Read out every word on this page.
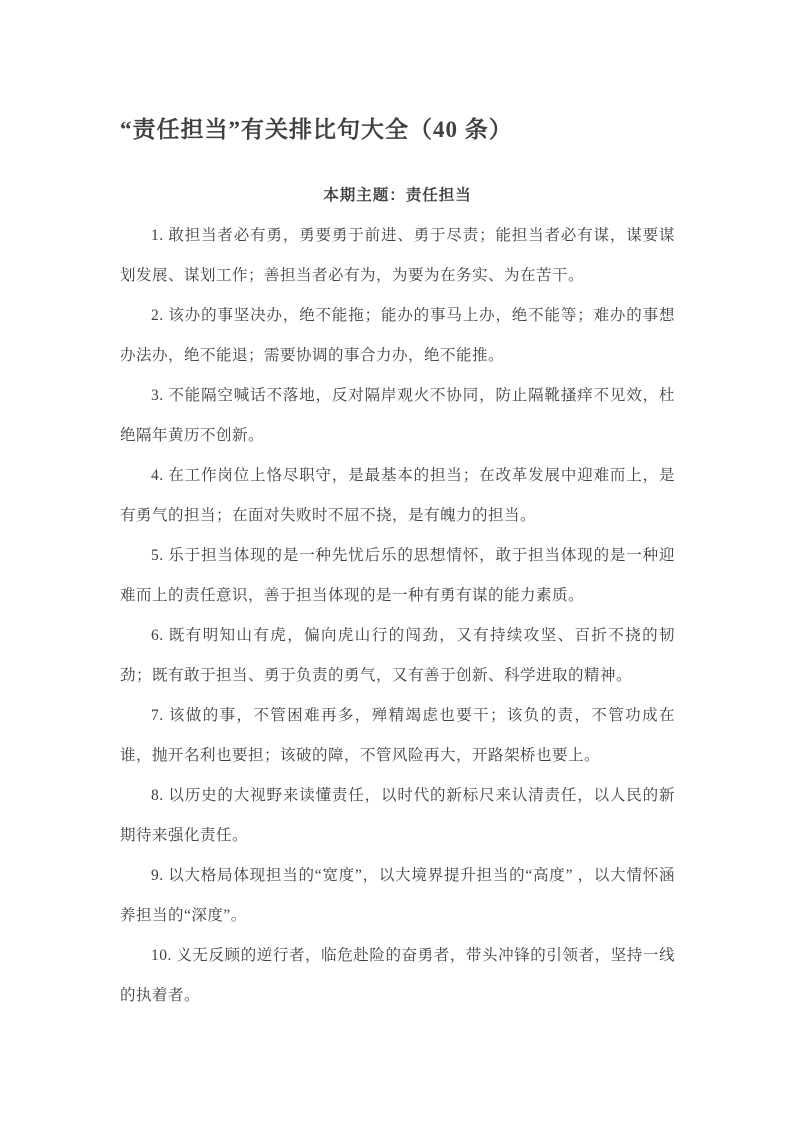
“责任担当”有关排比句大全（40 条）
本期主题：责任担当

1. 敢担当者必有勇，勇要勇于前进、勇于尽责；能担当者必有谋，谋要谋划发展、谋划工作；善担当者必有为，为要为在务实、为在苦干。

2. 该办的事坚决办，绝不能拖；能办的事马上办，绝不能等；难办的事想办法办，绝不能退；需要协调的事合力办，绝不能推。

3. 不能隔空喊话不落地，反对隔岸观火不协同，防止隔靴搔痒不见效，杜绝隔年黄历不创新。

4. 在工作岗位上恪尽职守，是最基本的担当；在改革发展中迎难而上，是有勇气的担当；在面对失败时不屈不挠，是有魄力的担当。

5. 乐于担当体现的是一种先忧后乐的思想情怀，敢于担当体现的是一种迎难而上的责任意识，善于担当体现的是一种有勇有谋的能力素质。

6. 既有明知山有虎，偏向虎山行的闯劲，又有持续攻坚、百折不挠的韧劲；既有敢于担当、勇于负责的勇气，又有善于创新、科学进取的精神。

7. 该做的事，不管困难再多，殚精竭虑也要干；该负的责，不管功成在谁，抛开名利也要担；该破的障，不管风险再大，开路架桥也要上。

8. 以历史的大视野来读懂责任，以时代的新标尺来认清责任，以人民的新期待来强化责任。

9. 以大格局体现担当的“宽度”，以大境界提升担当的“高度” ，以大情怀涵养担当的“深度”。

10. 义无反顾的逆行者，临危赴险的奋勇者，带头冲锋的引领者，坚持一线的执着者。
